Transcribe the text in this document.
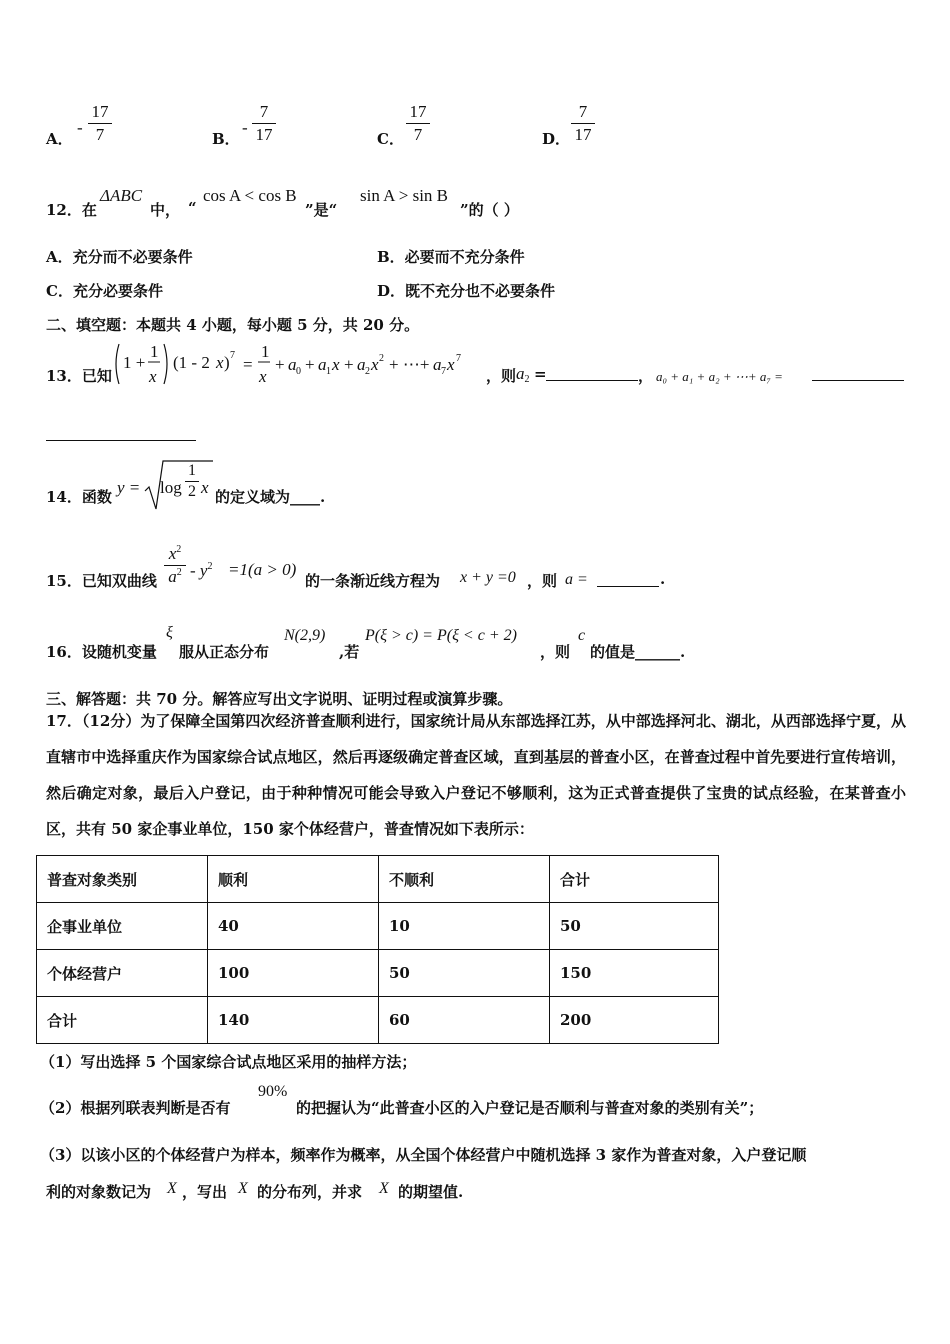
A．
-
17
7	B．
-
7
17	C．
17
7	D．
7
17
12．在
ΔABC
中， “
cos A < cos B
”是“
sin A > sin B
”的（ ）
A．充分而不必要条件	B．必要而不充分条件
C．充分必要条件	D．既不充分也不必要条件
二、填空题：本题共 4 小题，每小题 5 分，共 20 分。
13．已知
1 +
1
x
(1 - 2 x ) 7 =
1
x
+ a 0 + a 1 x + a 2 x 2 + ⋯+ a 7 x 7
，则 $a_2$ =	， a₀ + a₁ + a₂ + ⋯+ a₇ =
14．函数 y = log
1
2 x 的定义域为____.
15．已知双曲线
$x^2$
$a^2 - y^2 =1(a > 0)$
的一条渐近线方程为 x + y =0 ，则 a =	.
16．设随机变量
ξ
服从正态分布
N(2,9)
,若
P(ξ > c) = P(ξ < c + 2)
，则
c
的值是______.
三、解答题：共 70 分。解答应写出文字说明、证明过程或演算步骤。
17．（12分）为了保障全国第四次经济普查顺利进行，国家统计局从东部选择江苏，从中部选择河北、湖北，从西部选择宁夏，从直辖市中选择重庆作为国家综合试点地区，然后再逐级确定普查区域，直到基层的普查小区，在普查过程中首先要进行宣传培训，然后确定对象，最后入户登记，由于种种情况可能会导致入户登记不够顺利，这为正式普查提供了宝贵的试点经验，在某普查小区，共有 50 家企事业单位，150 家个体经营户，普查情况如下表所示：
普查对象类别	顺利	不顺利	合计
企事业单位	40	10	50
个体经营户	100	50	150
合计	140	60	200
（1）写出选择 5 个国家综合试点地区采用的抽样方法；
（2）根据列联表判断是否有
90%
的把握认为“此普查小区的入户登记是否顺利与普查对象的类别有关”；
（3）以该小区的个体经营户为样本，频率作为概率，从全国个体经营户中随机选择 3 家作为普查对象，入户登记顺
利的对象数记为 X ，写出 X 的分布列，并求 X 的期望值.
